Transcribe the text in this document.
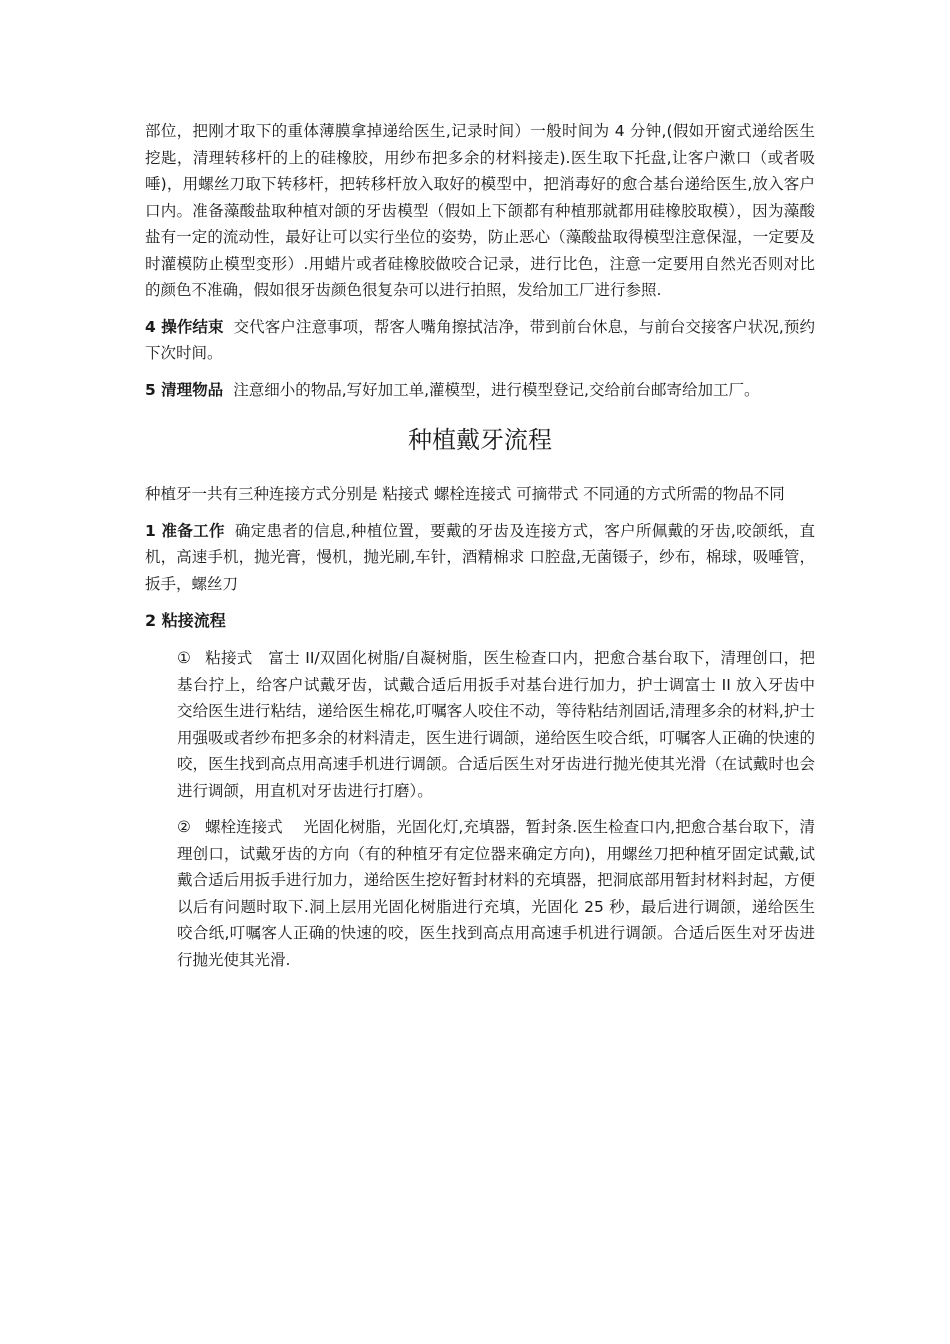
部位，把刚才取下的重体薄膜拿掉递给医生,记录时间）一般时间为 4 分钟,(假如开窗式递给医生挖匙，清理转移杆的上的硅橡胶，用纱布把多余的材料接走).医生取下托盘,让客户漱口（或者吸唾)，用螺丝刀取下转移杆，把转移杆放入取好的模型中，把消毒好的愈合基台递给医生,放入客户口内。准备藻酸盐取种植对颌的牙齿模型（假如上下颌都有种植那就都用硅橡胶取模），因为藻酸盐有一定的流动性，最好让可以实行坐位的姿势，防止恶心（藻酸盐取得模型注意保湿，一定要及时灌模防止模型变形）.用蜡片或者硅橡胶做咬合记录，进行比色，注意一定要用自然光否则对比的颜色不准确，假如很牙齿颜色很复杂可以进行拍照，发给加工厂进行参照.

4 操作结束 交代客户注意事项，帮客人嘴角擦拭洁净，带到前台休息，与前台交接客户状况,预约下次时间。

5 清理物品 注意细小的物品,写好加工单,灌模型，进行模型登记,交给前台邮寄给加工厂。

种植戴牙流程

种植牙一共有三种连接方式分别是 粘接式 螺栓连接式 可摘带式 不同通的方式所需的物品不同

1 准备工作 确定患者的信息,种植位置，要戴的牙齿及连接方式，客户所佩戴的牙齿,咬颌纸，直机，高速手机，抛光膏，慢机，抛光刷,车针，酒精棉求 口腔盘,无菌镊子，纱布，棉球，吸唾管，扳手，螺丝刀

2 粘接流程

① 粘接式　富士 II/双固化树脂/自凝树脂，医生检查口内，把愈合基台取下，清理创口，把基台拧上，给客户试戴牙齿，试戴合适后用扳手对基台进行加力，护士调富士 II 放入牙齿中交给医生进行粘结，递给医生棉花,叮嘱客人咬住不动，等待粘结剂固话,清理多余的材料,护士用强吸或者纱布把多余的材料清走，医生进行调颌，递给医生咬合纸，叮嘱客人正确的快速的咬，医生找到高点用高速手机进行调颌。合适后医生对牙齿进行抛光使其光滑（在试戴时也会进行调颌，用直机对牙齿进行打磨）。

② 螺栓连接式　 光固化树脂，光固化灯,充填器，暂封条.医生检查口内,把愈合基台取下，清理创口，试戴牙齿的方向（有的种植牙有定位器来确定方向)，用螺丝刀把种植牙固定试戴,试戴合适后用扳手进行加力，递给医生挖好暂封材料的充填器，把洞底部用暂封材料封起，方便以后有问题时取下.洞上层用光固化树脂进行充填，光固化 25 秒，最后进行调颌，递给医生咬合纸,叮嘱客人正确的快速的咬，医生找到高点用高速手机进行调颌。合适后医生对牙齿进行抛光使其光滑.
